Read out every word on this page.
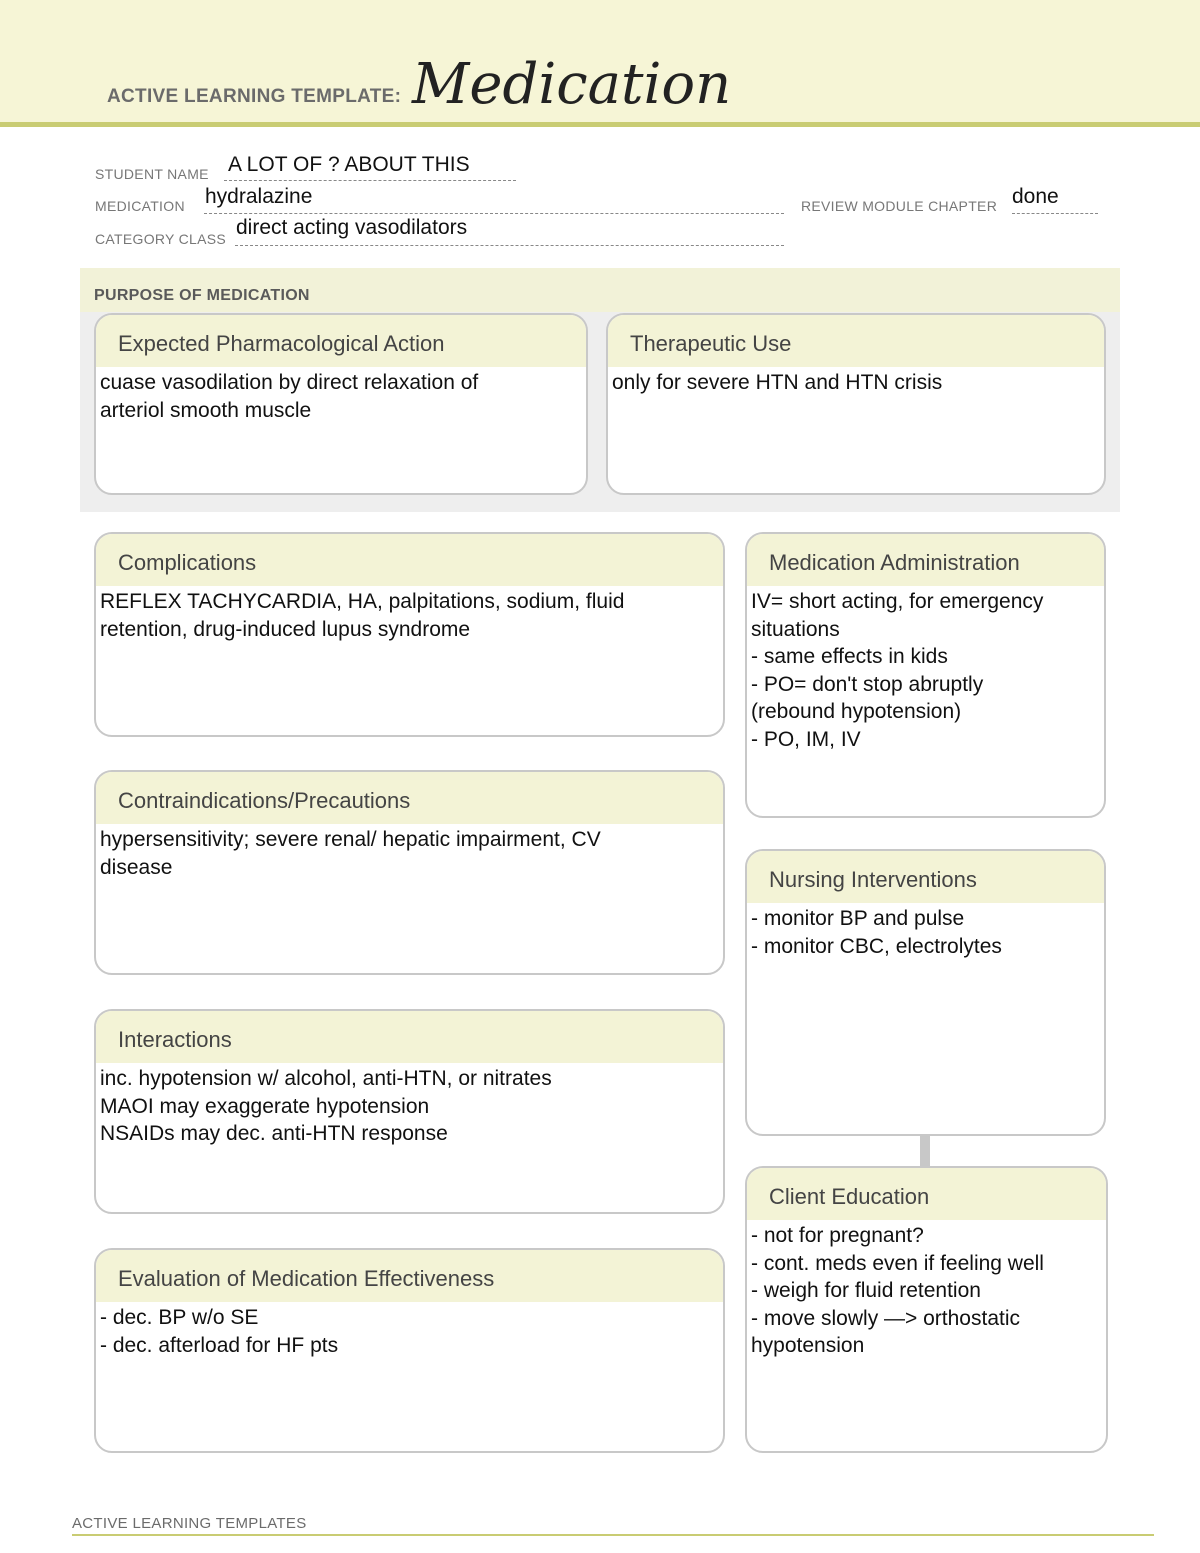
ACTIVE LEARNING TEMPLATE: Medication
STUDENT NAME A LOT OF ? ABOUT THIS
MEDICATION hydralazine	REVIEW MODULE CHAPTER done
CATEGORY CLASS direct acting vasodilators
PURPOSE OF MEDICATION
Expected Pharmacological Action
cuase vasodilation by direct relaxation of
arteriol smooth muscle
Therapeutic Use
only for severe HTN and HTN crisis
Complications
REFLEX TACHYCARDIA, HA, palpitations, sodium, fluid
retention, drug-induced lupus syndrome
Contraindications/Precautions
hypersensitivity; severe renal/ hepatic impairment, CV
disease
Interactions
inc. hypotension w/ alcohol, anti-HTN, or nitrates
MAOI may exaggerate hypotension
NSAIDs may dec. anti-HTN response
Evaluation of Medication Effectiveness
- dec. BP w/o SE
- dec. afterload for HF pts
Medication Administration
IV= short acting, for emergency
situations
- same effects in kids
- PO= don't stop abruptly
(rebound hypotension)
- PO, IM, IV
Nursing Interventions
- monitor BP and pulse
- monitor CBC, electrolytes
Client Education
- not for pregnant?
- cont. meds even if feeling well
- weigh for fluid retention
- move slowly —> orthostatic
hypotension
ACTIVE LEARNING TEMPLATES
